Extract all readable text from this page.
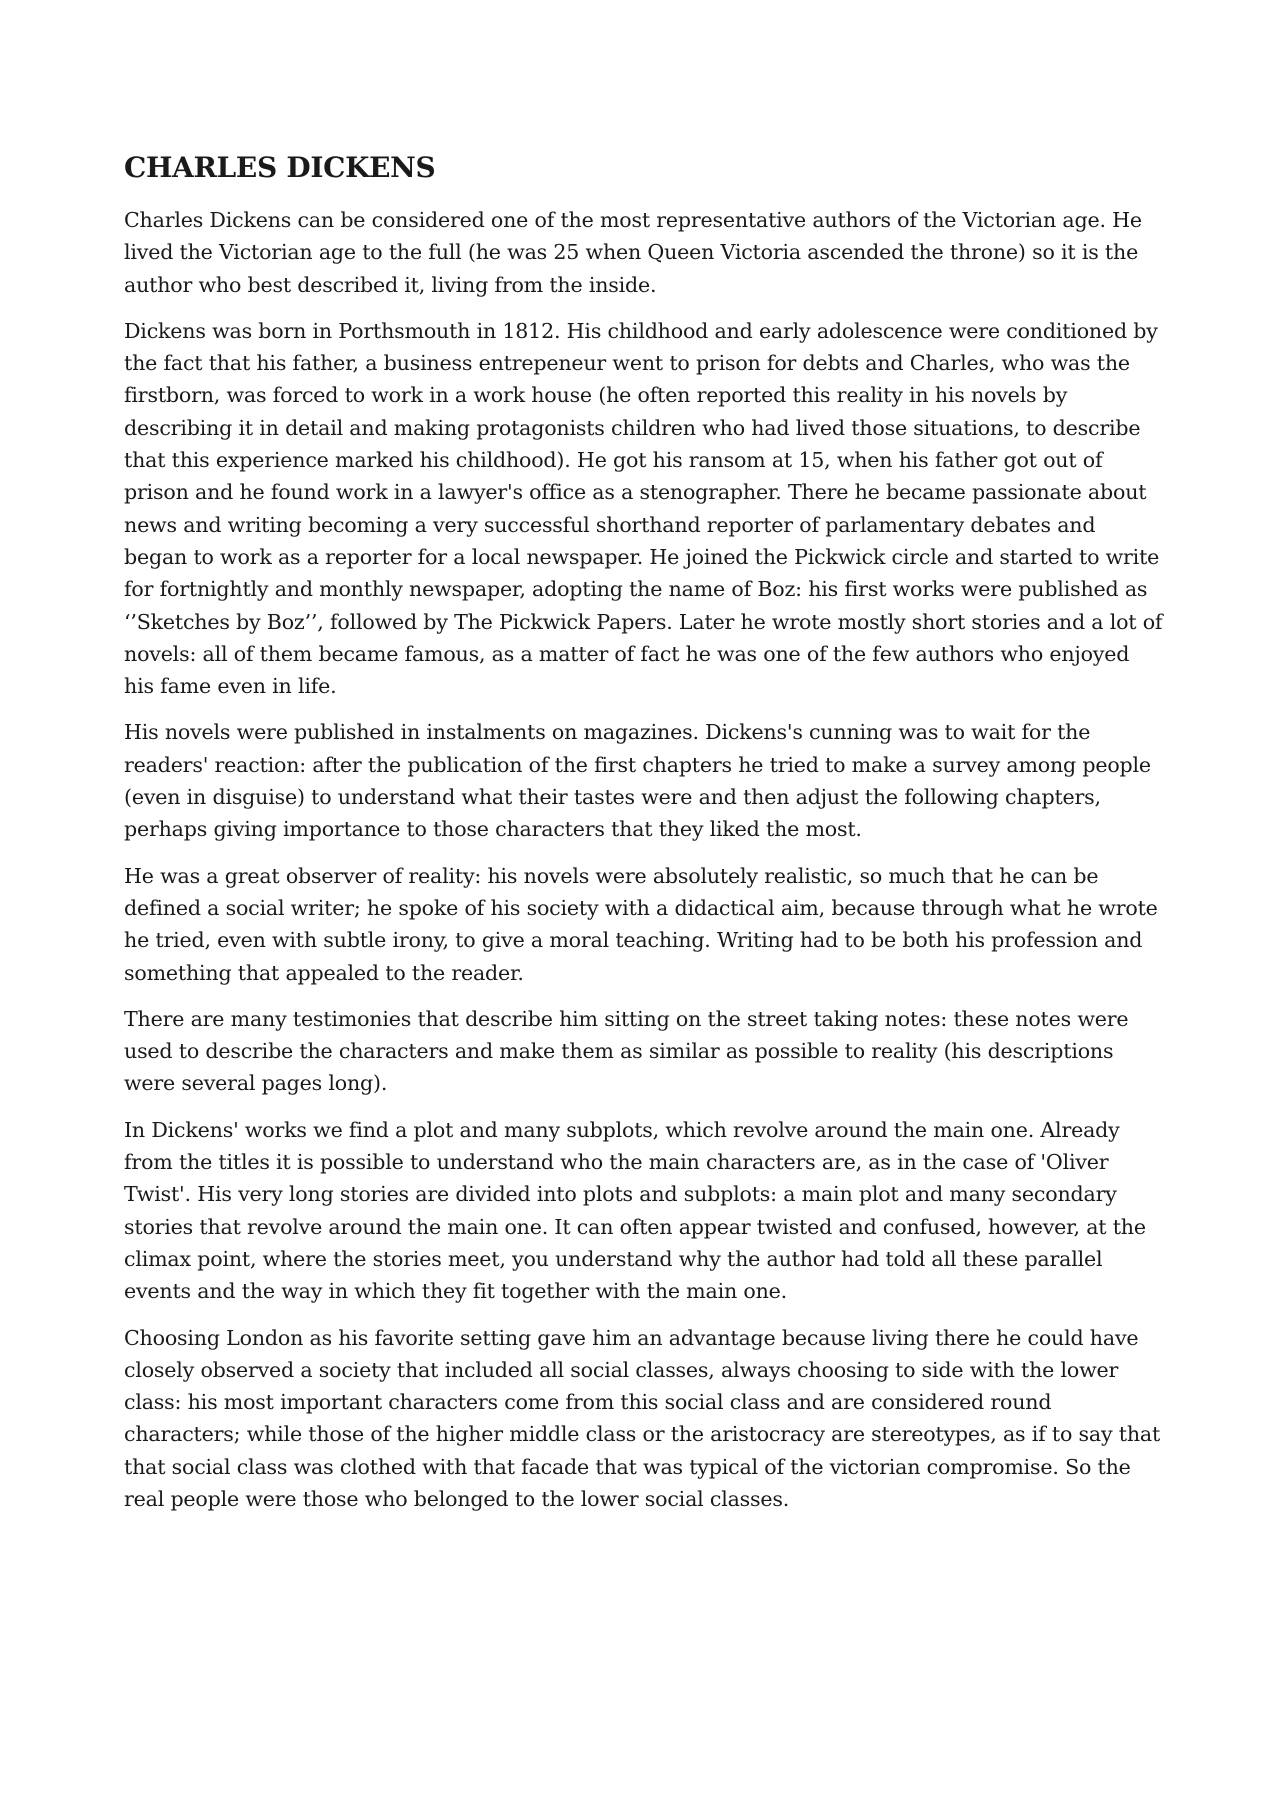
CHARLES DICKENS

Charles Dickens can be considered one of the most representative authors of the Victorian age. He lived the Victorian age to the full (he was 25 when Queen Victoria ascended the throne) so it is the author who best described it, living from the inside.

Dickens was born in Porthsmouth in 1812. His childhood and early adolescence were conditioned by the fact that his father, a business entrepeneur went to prison for debts and Charles, who was the firstborn, was forced to work in a work house (he often reported this reality in his novels by describing it in detail and making protagonists children who had lived those situations, to describe that this experience marked his childhood). He got his ransom at 15, when his father got out of prison and he found work in a lawyer's office as a stenographer. There he became passionate about news and writing becoming a very successful shorthand reporter of parlamentary debates and began to work as a reporter for a local newspaper. He joined the Pickwick circle and started to write for fortnightly and monthly newspaper, adopting the name of Boz: his first works were published as ‘’Sketches by Boz’’, followed by The Pickwick Papers. Later he wrote mostly short stories and a lot of novels: all of them became famous, as a matter of fact he was one of the few authors who enjoyed his fame even in life.

His novels were published in instalments on magazines. Dickens's cunning was to wait for the readers' reaction: after the publication of the first chapters he tried to make a survey among people (even in disguise) to understand what their tastes were and then adjust the following chapters, perhaps giving importance to those characters that they liked the most.

He was a great observer of reality: his novels were absolutely realistic, so much that he can be defined a social writer; he spoke of his society with a didactical aim, because through what he wrote he tried, even with subtle irony, to give a moral teaching. Writing had to be both his profession and something that appealed to the reader.

There are many testimonies that describe him sitting on the street taking notes: these notes were used to describe the characters and make them as similar as possible to reality (his descriptions were several pages long).

In Dickens' works we find a plot and many subplots, which revolve around the main one. Already from the titles it is possible to understand who the main characters are, as in the case of 'Oliver Twist'. His very long stories are divided into plots and subplots: a main plot and many secondary stories that revolve around the main one. It can often appear twisted and confused, however, at the climax point, where the stories meet, you understand why the author had told all these parallel events and the way in which they fit together with the main one.

Choosing London as his favorite setting gave him an advantage because living there he could have closely observed a society that included all social classes, always choosing to side with the lower class: his most important characters come from this social class and are considered round characters; while those of the higher middle class or the aristocracy are stereotypes, as if to say that that social class was clothed with that facade that was typical of the victorian compromise. So the real people were those who belonged to the lower social classes.
